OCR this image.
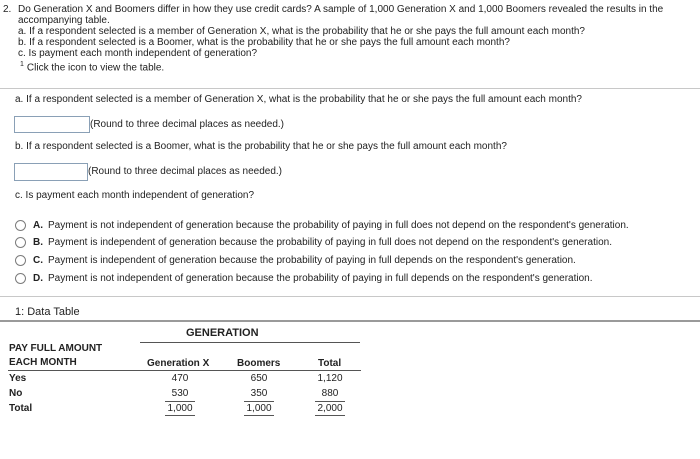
2. Do Generation X and Boomers differ in how they use credit cards? A sample of 1,000 Generation X and 1,000 Boomers revealed the results in the
accompanying table.
a. If a respondent selected is a member of Generation X, what is the probability that he or she pays the full amount each month?
b. If a respondent selected is a Boomer, what is the probability that he or she pays the full amount each month?
c. Is payment each month independent of generation?
$^1$ Click the icon to view the table.
a. If a respondent selected is a member of Generation X, what is the probability that he or she pays the full amount each month?
(Round to three decimal places as needed.)
b. If a respondent selected is a Boomer, what is the probability that he or she pays the full amount each month?
(Round to three decimal places as needed.)
c. Is payment each month independent of generation?
A. Payment is not independent of generation because the probability of paying in full does not depend on the respondent's generation.
B. Payment is independent of generation because the probability of paying in full does not depend on the respondent's generation.
C. Payment is independent of generation because the probability of paying in full depends on the respondent's generation.
D. Payment is not independent of generation because the probability of paying in full depends on the respondent's generation.
1: Data Table
GENERATION
PAY FULL AMOUNT
EACH MONTH	Generation X	Boomers	Total
Yes	470	650	1,120
No	530	350	880
Total	1,000	1,000	2,000
